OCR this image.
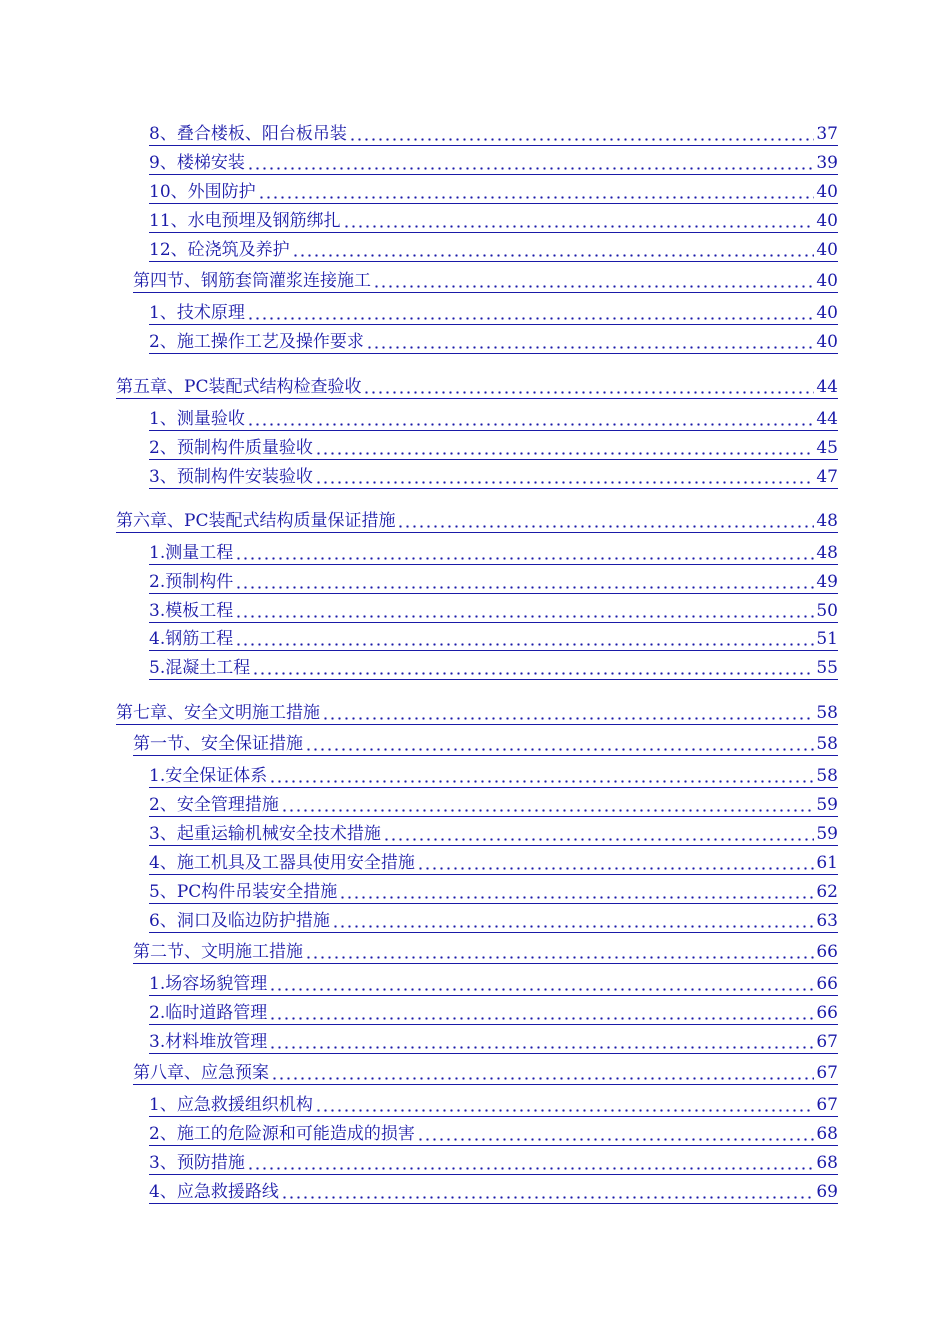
8、叠合楼板、阳台板吊装	37
9、楼梯安装	39
10、外围防护	40
11、水电预埋及钢筋绑扎	40
12、砼浇筑及养护	40
第四节、钢筋套筒灌浆连接施工	40
1、技术原理	40
2、施工操作工艺及操作要求	40
第五章、PC装配式结构检查验收	44
1、测量验收	44
2、预制构件质量验收	45
3、预制构件安装验收	47
第六章、PC装配式结构质量保证措施	48
1.测量工程	48
2.预制构件	49
3.模板工程	50
4.钢筋工程	51
5.混凝土工程	55
第七章、安全文明施工措施	58
第一节、安全保证措施	58
1.安全保证体系	58
2、安全管理措施	59
3、起重运输机械安全技术措施	59
4、施工机具及工器具使用安全措施	61
5、PC构件吊装安全措施	62
6、洞口及临边防护措施	63
第二节、文明施工措施	66
1.场容场貌管理	66
2.临时道路管理	66
3.材料堆放管理	67
第八章、应急预案	67
1、应急救援组织机构	67
2、施工的危险源和可能造成的损害	68
3、预防措施	68
4、应急救援路线	69
